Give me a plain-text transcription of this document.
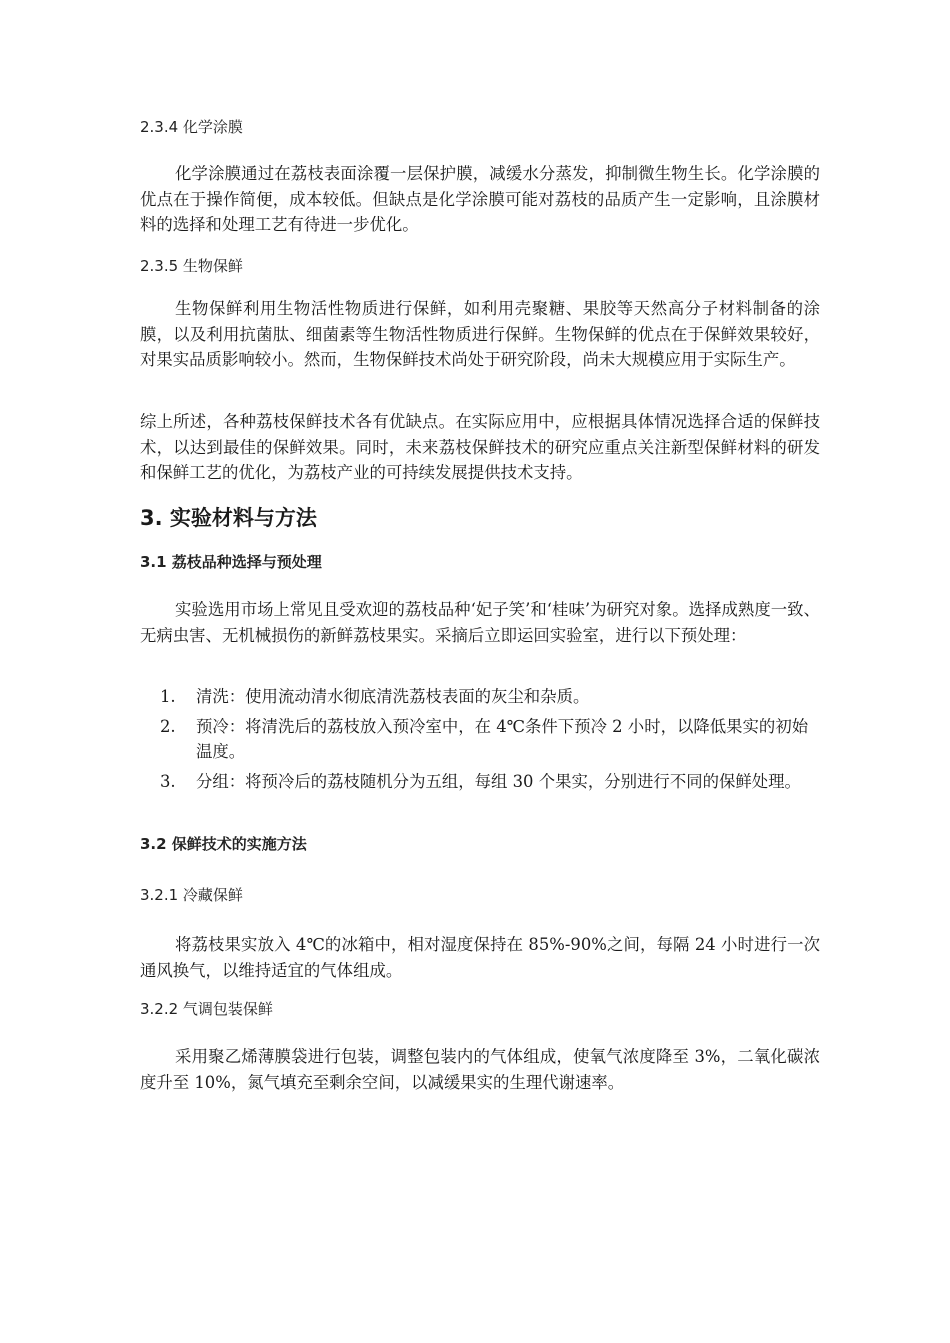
2.3.4 化学涂膜

化学涂膜通过在荔枝表面涂覆一层保护膜，减缓水分蒸发，抑制微生物生长。化学涂膜的优点在于操作简便，成本较低。但缺点是化学涂膜可能对荔枝的品质产生一定影响，且涂膜材料的选择和处理工艺有待进一步优化。

2.3.5 生物保鲜

生物保鲜利用生物活性物质进行保鲜，如利用壳聚糖、果胶等天然高分子材料制备的涂膜，以及利用抗菌肽、细菌素等生物活性物质进行保鲜。生物保鲜的优点在于保鲜效果较好，对果实品质影响较小。然而，生物保鲜技术尚处于研究阶段，尚未大规模应用于实际生产。

综上所述，各种荔枝保鲜技术各有优缺点。在实际应用中，应根据具体情况选择合适的保鲜技术，以达到最佳的保鲜效果。同时，未来荔枝保鲜技术的研究应重点关注新型保鲜材料的研发和保鲜工艺的优化，为荔枝产业的可持续发展提供技术支持。

3. 实验材料与方法
3.1 荔枝品种选择与预处理

实验选用市场上常见且受欢迎的荔枝品种‘妃子笑’和‘桂味’为研究对象。选择成熟度一致、无病虫害、无机械损伤的新鲜荔枝果实。采摘后立即运回实验室，进行以下预处理：

1. 清洗：使用流动清水彻底清洗荔枝表面的灰尘和杂质。
2. 预冷：将清洗后的荔枝放入预冷室中，在 4℃条件下预冷 2 小时，以降低果实的初始温度。
3. 分组：将预冷后的荔枝随机分为五组，每组 30 个果实，分别进行不同的保鲜处理。
3.2 保鲜技术的实施方法
3.2.1 冷藏保鲜

将荔枝果实放入 4℃的冰箱中，相对湿度保持在 85%-90%之间，每隔 24 小时进行一次通风换气，以维持适宜的气体组成。

3.2.2 气调包装保鲜

采用聚乙烯薄膜袋进行包装，调整包装内的气体组成，使氧气浓度降至 3%，二氧化碳浓度升至 10%，氮气填充至剩余空间，以减缓果实的生理代谢速率。
